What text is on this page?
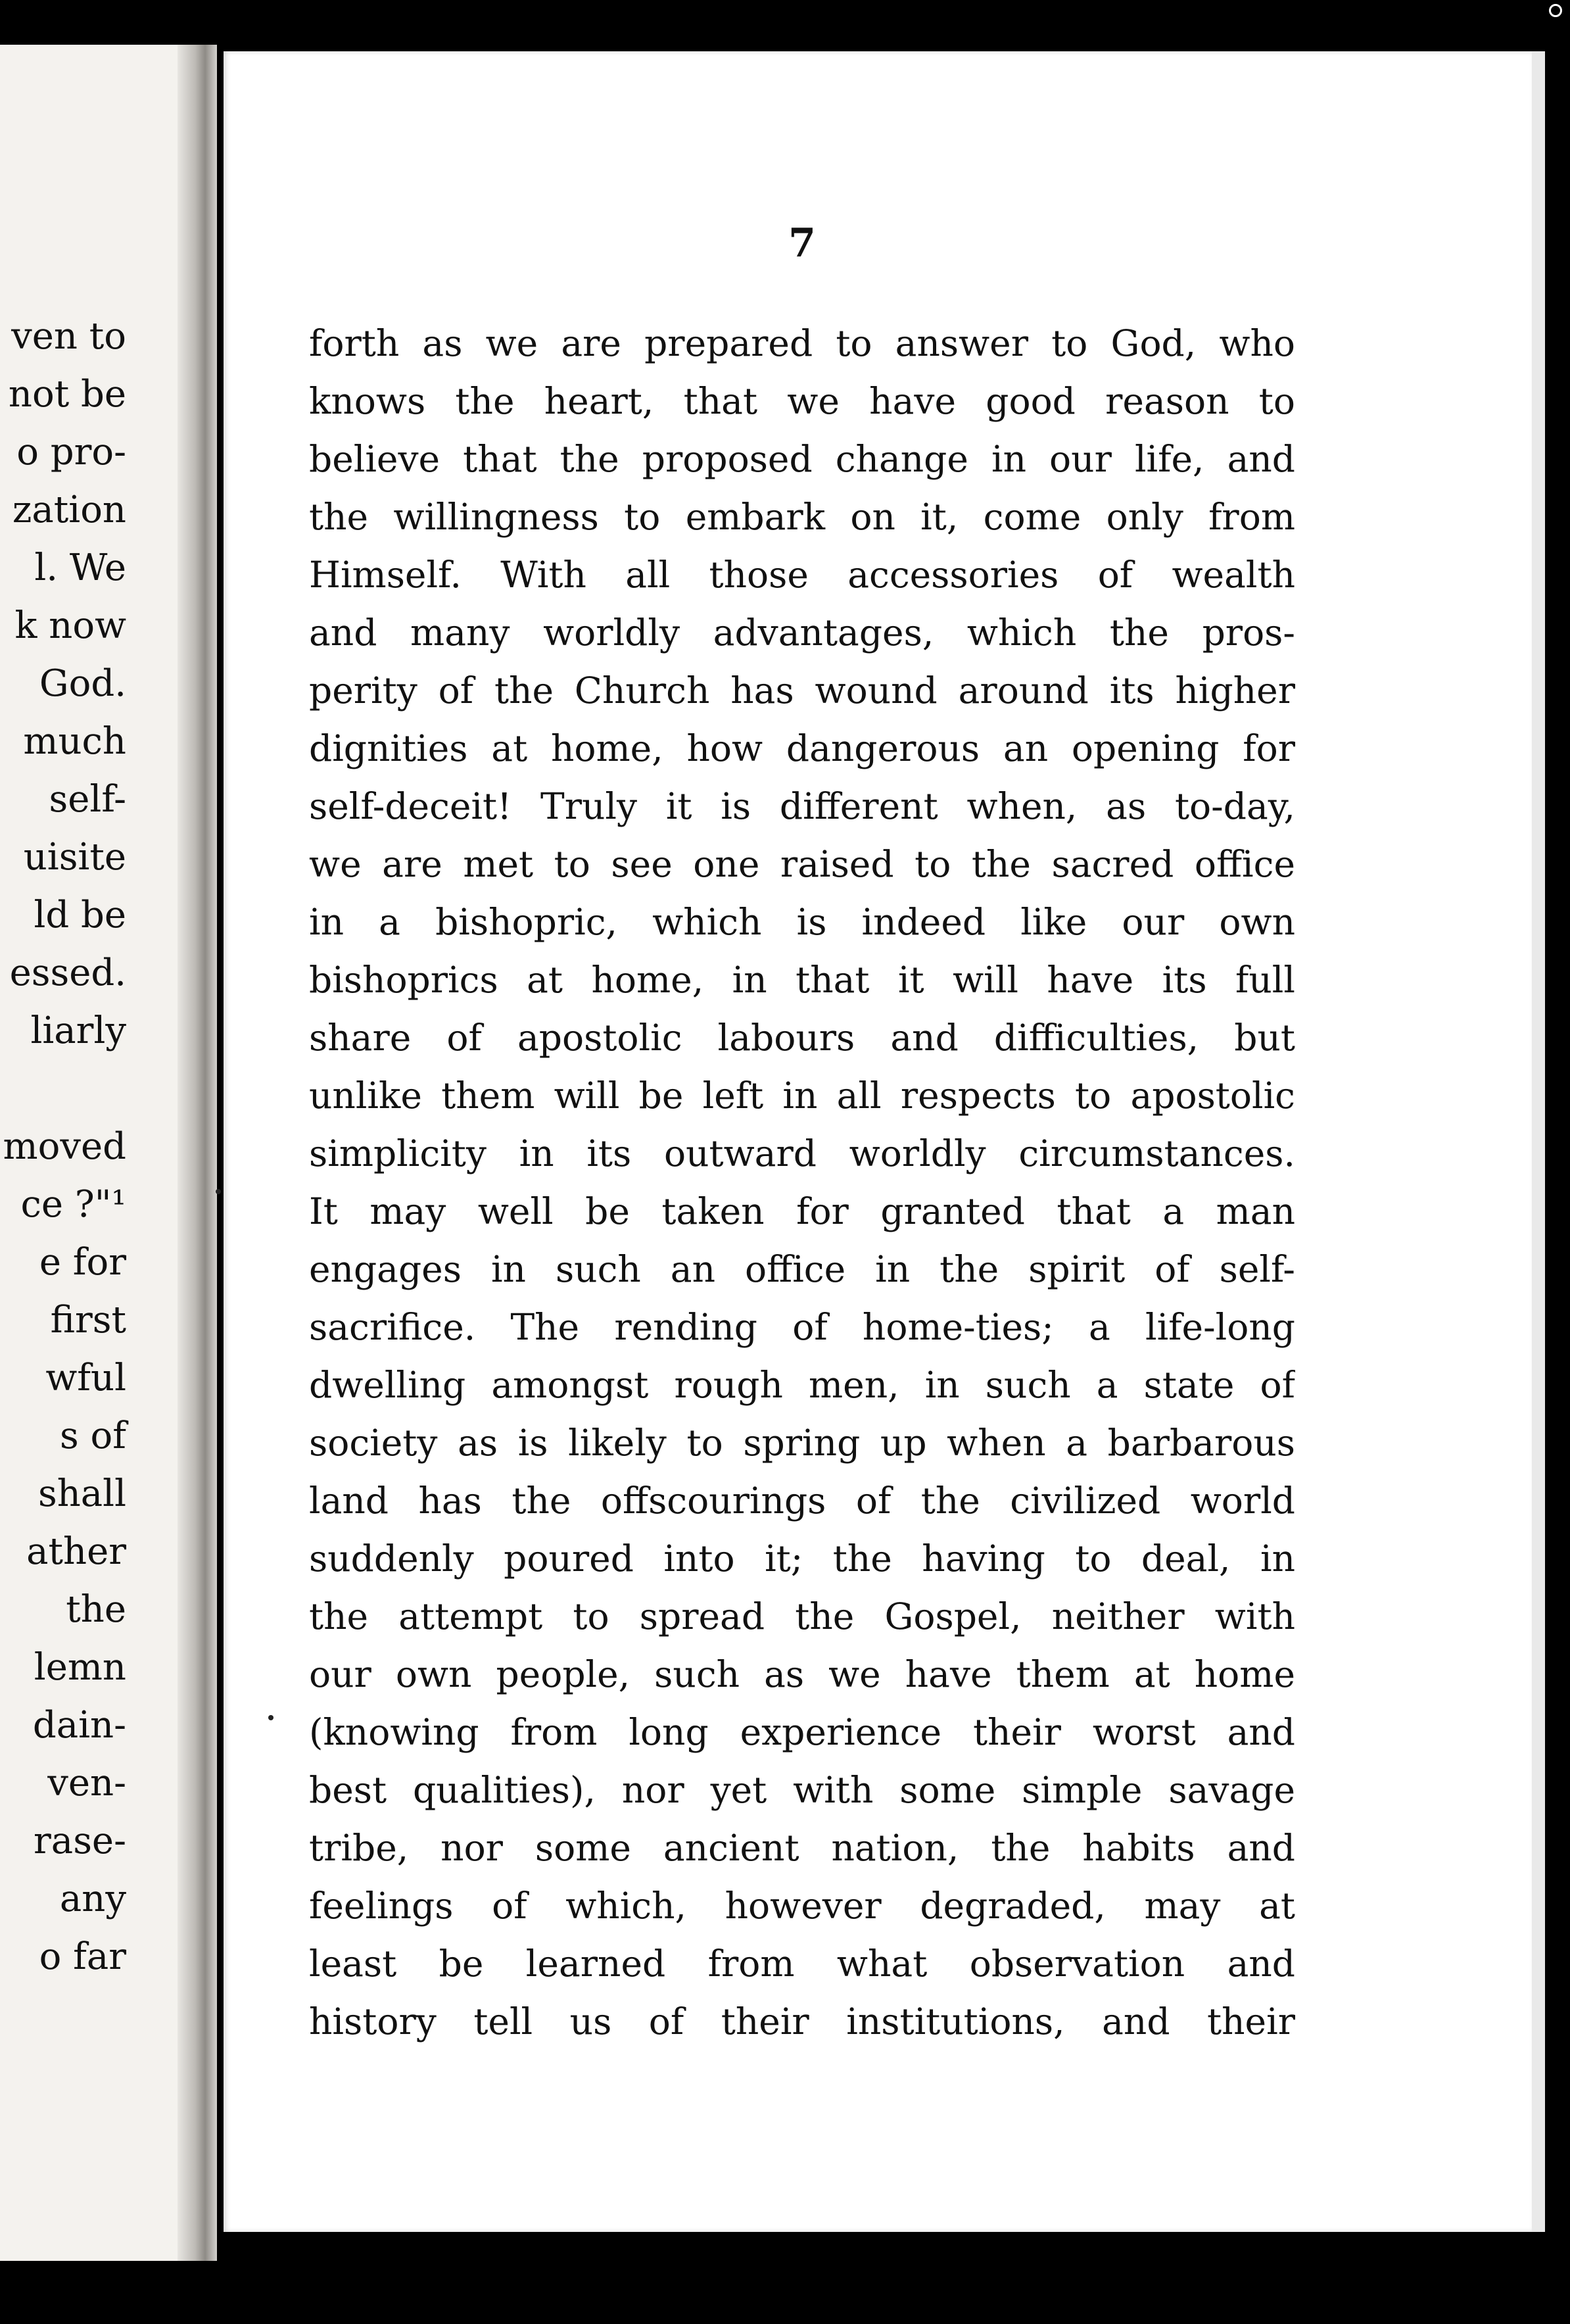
ven to
not be
o pro-
zation
l. We
k now
God.
much
self-
uisite
ld be
essed.
liarly
moved
ce ?"¹
e for
first
wful
s of
shall
ather
the
lemn
dain-
ven-
rase-
any
o far
7
forth as we are prepared to answer to God, who
knows the heart, that we have good reason to
believe that the proposed change in our life, and
the willingness to embark on it, come only from
Himself. With all those accessories of wealth
and many worldly advantages, which the pros-
perity of the Church has wound around its higher
dignities at home, how dangerous an opening for
self-deceit! Truly it is different when, as to-day,
we are met to see one raised to the sacred office
in a bishopric, which is indeed like our own
bishoprics at home, in that it will have its full
share of apostolic labours and difficulties, but
unlike them will be left in all respects to apostolic
simplicity in its outward worldly circumstances.
It may well be taken for granted that a man
engages in such an office in the spirit of self-
sacrifice. The rending of home-ties; a life-long
dwelling amongst rough men, in such a state of
society as is likely to spring up when a barbarous
land has the offscourings of the civilized world
suddenly poured into it; the having to deal, in
the attempt to spread the Gospel, neither with
our own people, such as we have them at home
(knowing from long experience their worst and
best qualities), nor yet with some simple savage
tribe, nor some ancient nation, the habits and
feelings of which, however degraded, may at
least be learned from what observation and
history tell us of their institutions, and their
